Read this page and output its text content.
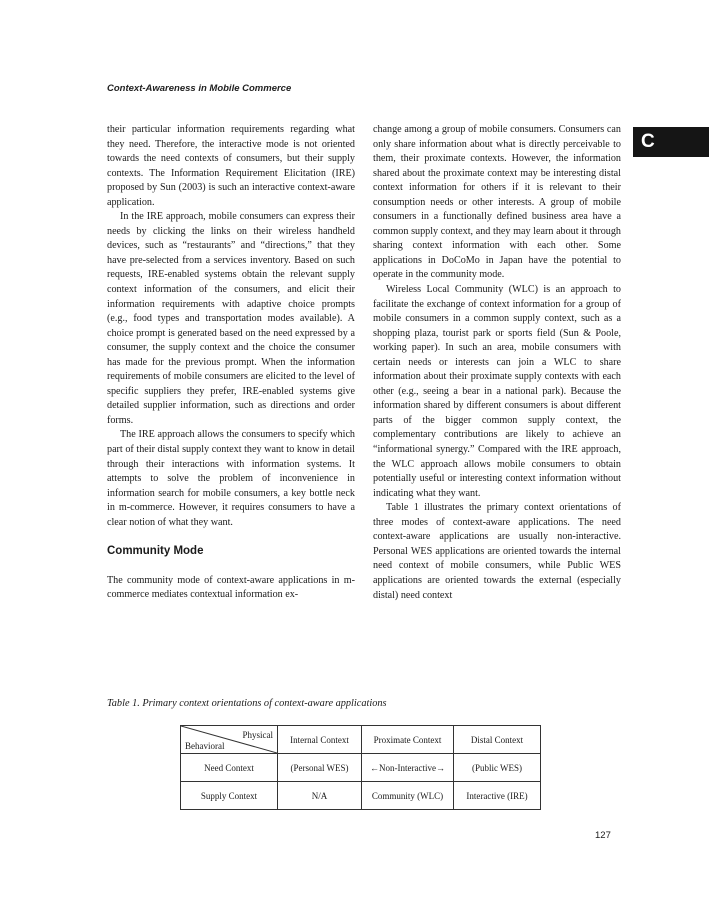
Context-Awareness in Mobile Commerce
C

their particular information requirements regarding what they need. Therefore, the interactive mode is not oriented towards the need contexts of consumers, but their supply contexts. The Information Requirement Elicitation (IRE) proposed by Sun (2003) is such an interactive context-aware application.

In the IRE approach, mobile consumers can express their needs by clicking the links on their wireless handheld devices, such as “restaurants” and “directions,” that they have pre-selected from a services inventory. Based on such requests, IRE-enabled systems obtain the relevant supply context information of the consumers, and elicit their information requirements with adaptive choice prompts (e.g., food types and transportation modes available). A choice prompt is generated based on the need expressed by a consumer, the supply context and the choice the consumer has made for the previous prompt. When the information requirements of mobile consumers are elicited to the level of specific suppliers they prefer, IRE-enabled systems give detailed supplier information, such as directions and order forms.

The IRE approach allows the consumers to specify which part of their distal supply context they want to know in detail through their interactions with information systems. It attempts to solve the problem of inconvenience in information search for mobile consumers, a key bottle neck in m-commerce. However, it requires consumers to have a clear notion of what they want.

Community Mode

The community mode of context-aware applications in m-commerce mediates contextual information ex-

change among a group of mobile consumers. Consumers can only share information about what is directly perceivable to them, their proximate contexts. However, the information shared about the proximate context may be interesting distal context information for others if it is relevant to their consumption needs or other interests. A group of mobile consumers in a functionally defined business area have a common supply context, and they may learn about it through sharing context information with each other. Some applications in DoCoMo in Japan have the potential to operate in the community mode.

Wireless Local Community (WLC) is an approach to facilitate the exchange of context information for a group of mobile consumers in a common supply context, such as a shopping plaza, tourist park or sports field (Sun & Poole, working paper). In such an area, mobile consumers with certain needs or interests can join a WLC to share information about their proximate supply contexts with each other (e.g., seeing a bear in a national park). Because the information shared by different consumers is about different parts of the bigger common supply context, the complementary contributions are likely to achieve an “informational synergy.” Compared with the IRE approach, the WLC approach allows mobile consumers to obtain potentially useful or interesting context information without indicating what they want.

Table 1 illustrates the primary context orientations of three modes of context-aware applications. The need context-aware applications are usually non-interactive. Personal WES applications are oriented towards the internal need context of mobile consumers, while Public WES applications are oriented towards the external (especially distal) need context

Table 1. Primary context orientations of context-aware applications
Physical
Behavioral	Internal Context	Proximate Context	Distal Context
Need Context	(Personal WES)	←Non-Interactive→	(Public WES)
Supply Context	N/A	Community (WLC)	Interactive (IRE)
127
